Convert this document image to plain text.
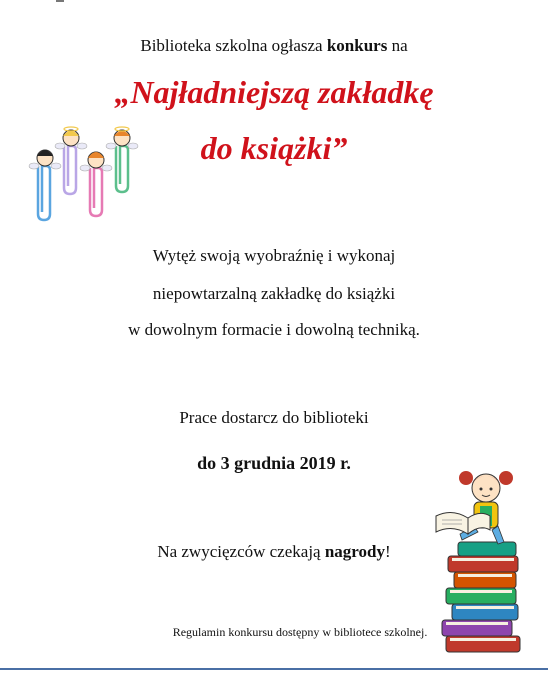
Biblioteka szkolna ogłasza konkurs na
„Najładniejszą zakładkę
do książki”
Wytęż swoją wyobraźnię i wykonaj
niepowtarzalną zakładkę do książki
w dowolnym formacie i dowolną techniką.
Prace dostarcz do biblioteki
do 3 grudnia 2019 r.
Na zwycięzców czekają nagrody!
Regulamin konkursu dostępny w bibliotece szkolnej.
